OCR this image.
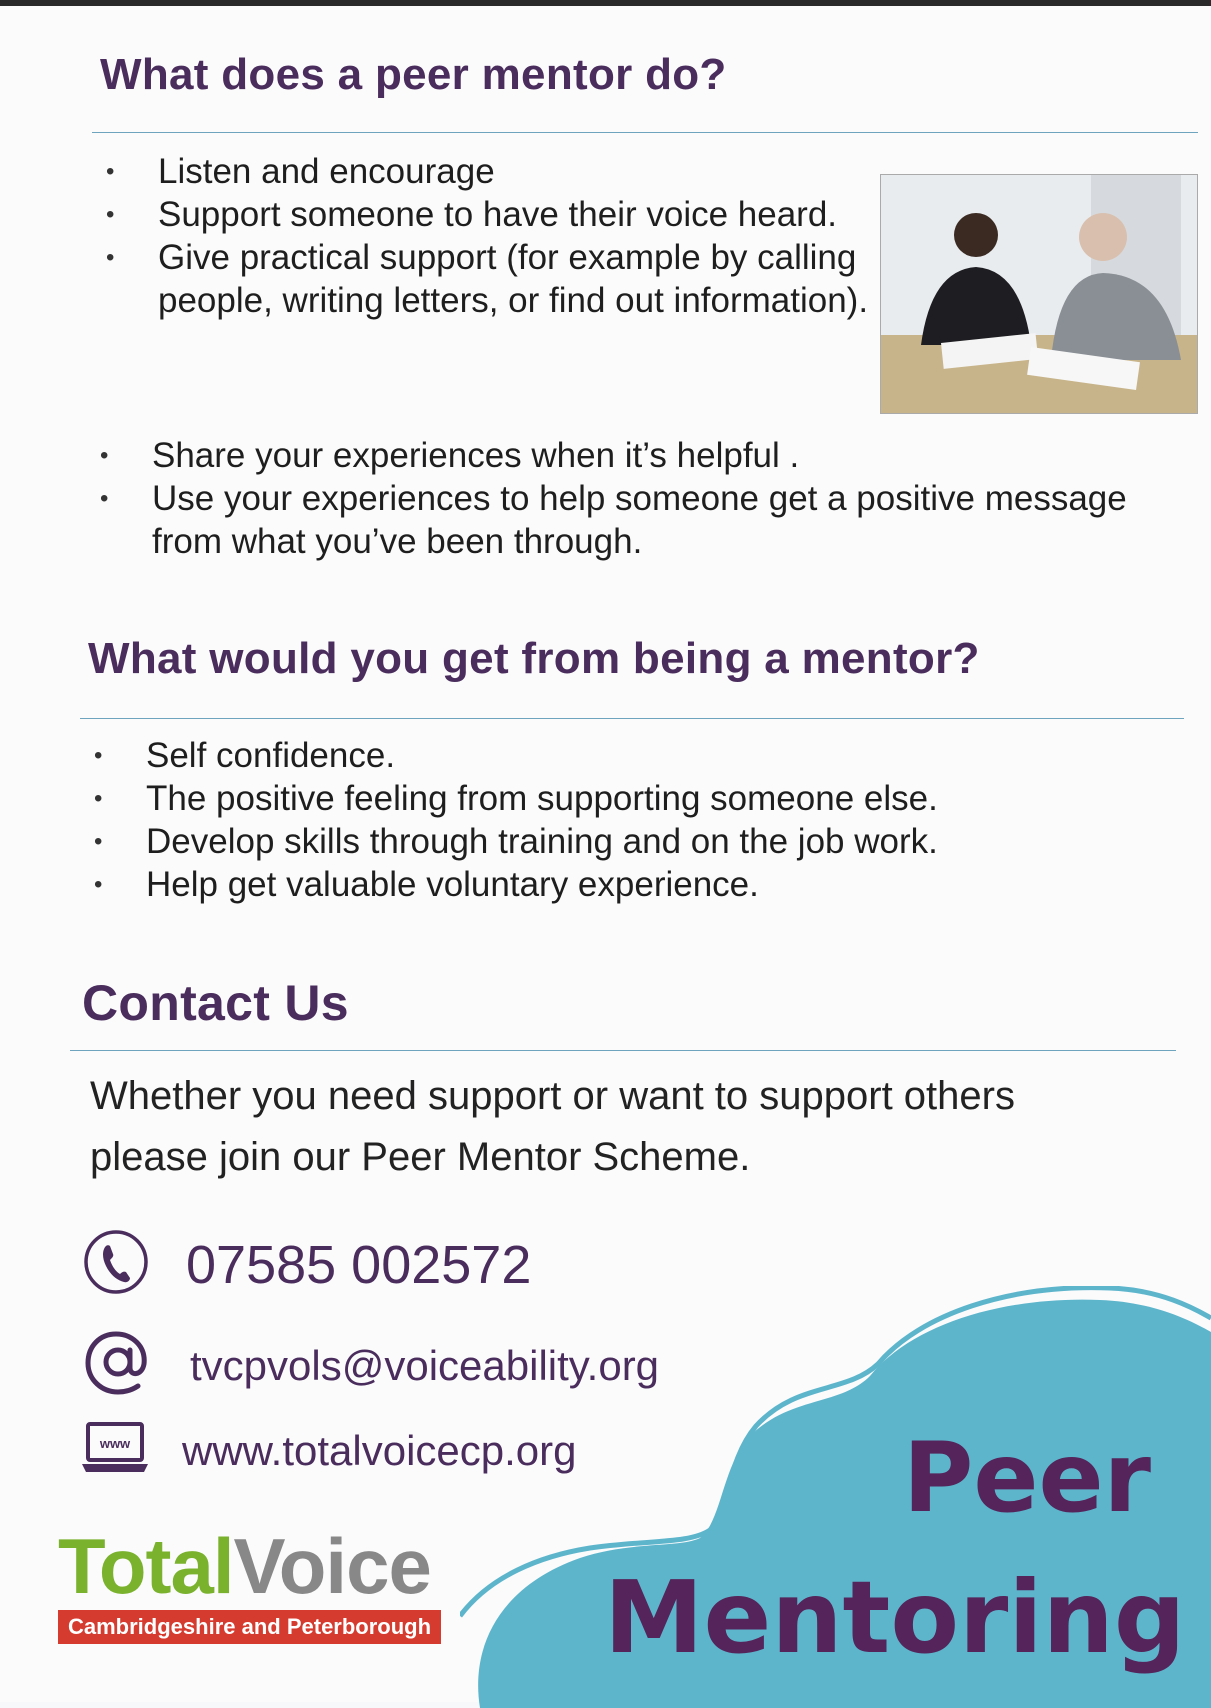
What does a peer mentor do?
• Listen and encourage
• Support someone to have their voice heard.
• Give practical support (for example by calling people, writing letters, or find out information).
• Share your experiences when it’s helpful .
• Use your experiences to help someone get a positive message from what you’ve been through.
What would you get from being a mentor?
• Self confidence.
• The positive feeling from supporting someone else.
• Develop skills through training and on the job work.
• Help get valuable voluntary experience.
Contact Us

Whether you need support or want to support others please join our Peer Mentor Scheme.

07585 002572
tvcpvols@voiceability.org
www www.totalvoicecp.org	Peer
Mentoring
TotalVoice
Cambridgeshire and Peterborough
